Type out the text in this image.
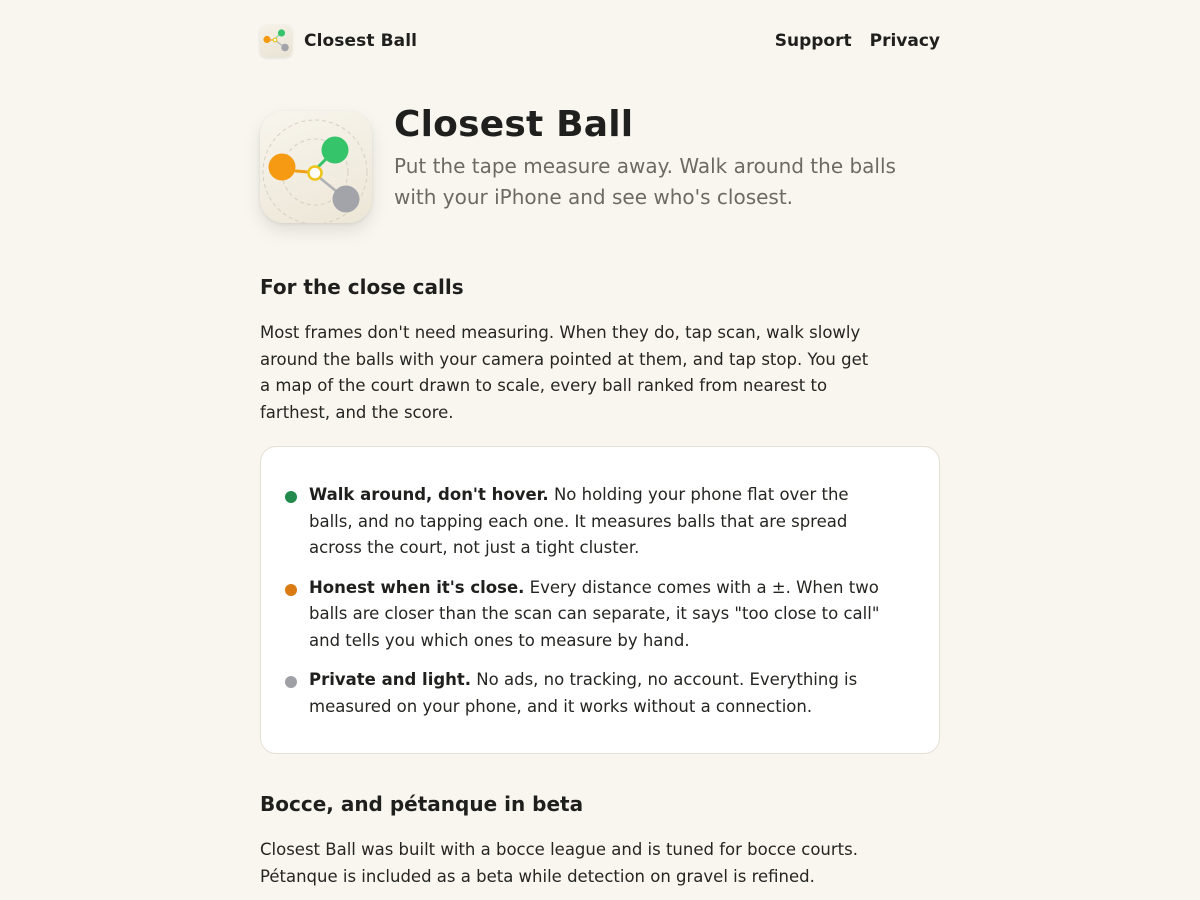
Closest Ball	Support Privacy
Closest Ball

Put the tape measure away. Walk around the balls with your iPhone and see who's closest.

For the close calls

Most frames don't need measuring. When they do, tap scan, walk slowly around the balls with your camera pointed at them, and tap stop. You get a map of the court drawn to scale, every ball ranked from nearest to farthest, and the score.

Walk around, don't hover. No holding your phone flat over the balls, and no tapping each one. It measures balls that are spread across the court, not just a tight cluster.
Honest when it's close. Every distance comes with a ±. When two balls are closer than the scan can separate, it says "too close to call" and tells you which ones to measure by hand.
Private and light. No ads, no tracking, no account. Everything is measured on your phone, and it works without a connection.
Bocce, and pétanque in beta

Closest Ball was built with a bocce league and is tuned for bocce courts. Pétanque is included as a beta while detection on gravel is refined.
